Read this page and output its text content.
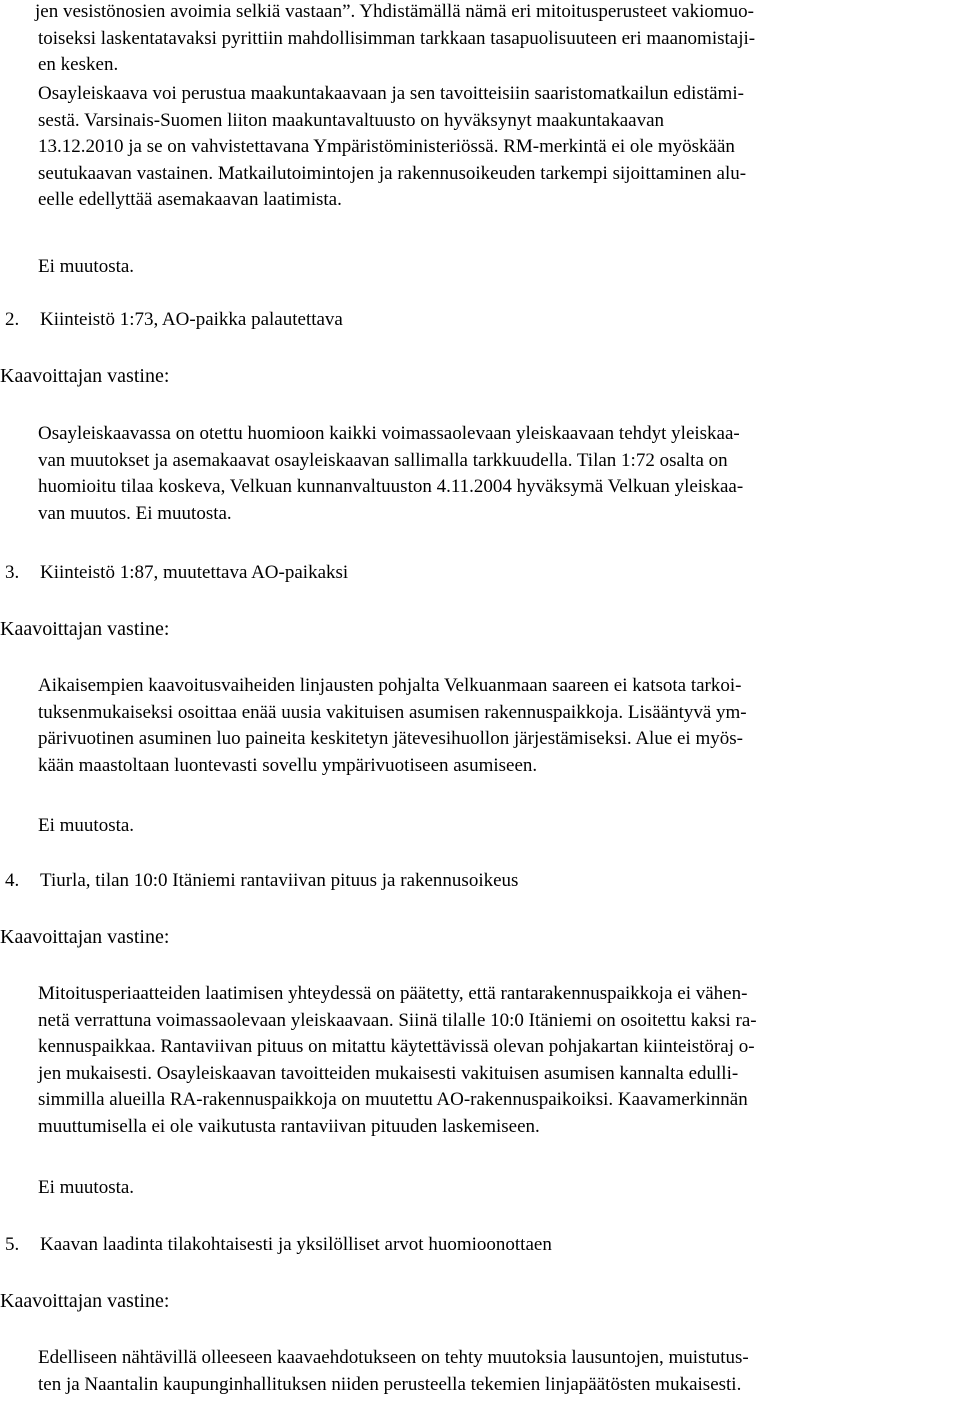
jen vesistönosien avoimia selkiä vastaan”. Yhdistämällä nämä eri mitoitusperusteet vakiomuo-
toiseksi laskentatavaksi pyrittiin mahdollisimman tarkkaan tasapuolisuuteen eri maanomistaji-
en kesken.
Osayleiskaava voi perustua maakuntakaavaan ja sen tavoitteisiin saaristomatkailun edistämi-
sestä. Varsinais-Suomen liiton maakuntavaltuusto on hyväksynyt maakuntakaavan
13.12.2010 ja se on vahvistettavana Ympäristöministeriössä. RM-merkintä ei ole myöskään
seutukaavan vastainen. Matkailutoimintojen ja rakennusoikeuden tarkempi sijoittaminen alu-
eelle edellyttää asemakaavan laatimista.

Ei muutosta.

2. Kiinteistö 1:73, AO-paikka palautettava

Kaavoittajan vastine:

Osayleiskaavassa on otettu huomioon kaikki voimassaolevaan yleiskaavaan tehdyt yleiskaa-
van muutokset ja asemakaavat osayleiskaavan sallimalla tarkkuudella. Tilan 1:72 osalta on
huomioitu tilaa koskeva, Velkuan kunnanvaltuuston 4.11.2004 hyväksymä Velkuan yleiskaa-
van muutos. Ei muutosta.

3. Kiinteistö 1:87, muutettava AO-paikaksi

Kaavoittajan vastine:

Aikaisempien kaavoitusvaiheiden linjausten pohjalta Velkuanmaan saareen ei katsota tarkoi-
tuksenmukaiseksi osoittaa enää uusia vakituisen asumisen rakennuspaikkoja. Lisääntyvä ym-
pärivuotinen asuminen luo paineita keskitetyn jätevesihuollon järjestämiseksi. Alue ei myös-
kään maastoltaan luontevasti sovellu ympärivuotiseen asumiseen.

Ei muutosta.

4. Tiurla, tilan 10:0 Itäniemi rantaviivan pituus ja rakennusoikeus

Kaavoittajan vastine:

Mitoitusperiaatteiden laatimisen yhteydessä on päätetty, että rantarakennuspaikkoja ei vähen-
netä verrattuna voimassaolevaan yleiskaavaan. Siinä tilalle 10:0 Itäniemi on osoitettu kaksi ra-
kennuspaikkaa. Rantaviivan pituus on mitattu käytettävissä olevan pohjakartan kiinteistöraj o-
jen mukaisesti. Osayleiskaavan tavoitteiden mukaisesti vakituisen asumisen kannalta edulli-
simmilla alueilla RA-rakennuspaikkoja on muutettu AO-rakennuspaikoiksi. Kaavamerkinnän
muuttumisella ei ole vaikutusta rantaviivan pituuden laskemiseen.

Ei muutosta.

5. Kaavan laadinta tilakohtaisesti ja yksilölliset arvot huomioonottaen

Kaavoittajan vastine:

Edelliseen nähtävillä olleeseen kaavaehdotukseen on tehty muutoksia lausuntojen, muistutus-
ten ja Naantalin kaupunginhallituksen niiden perusteella tekemien linjapäätösten mukaisesti.
